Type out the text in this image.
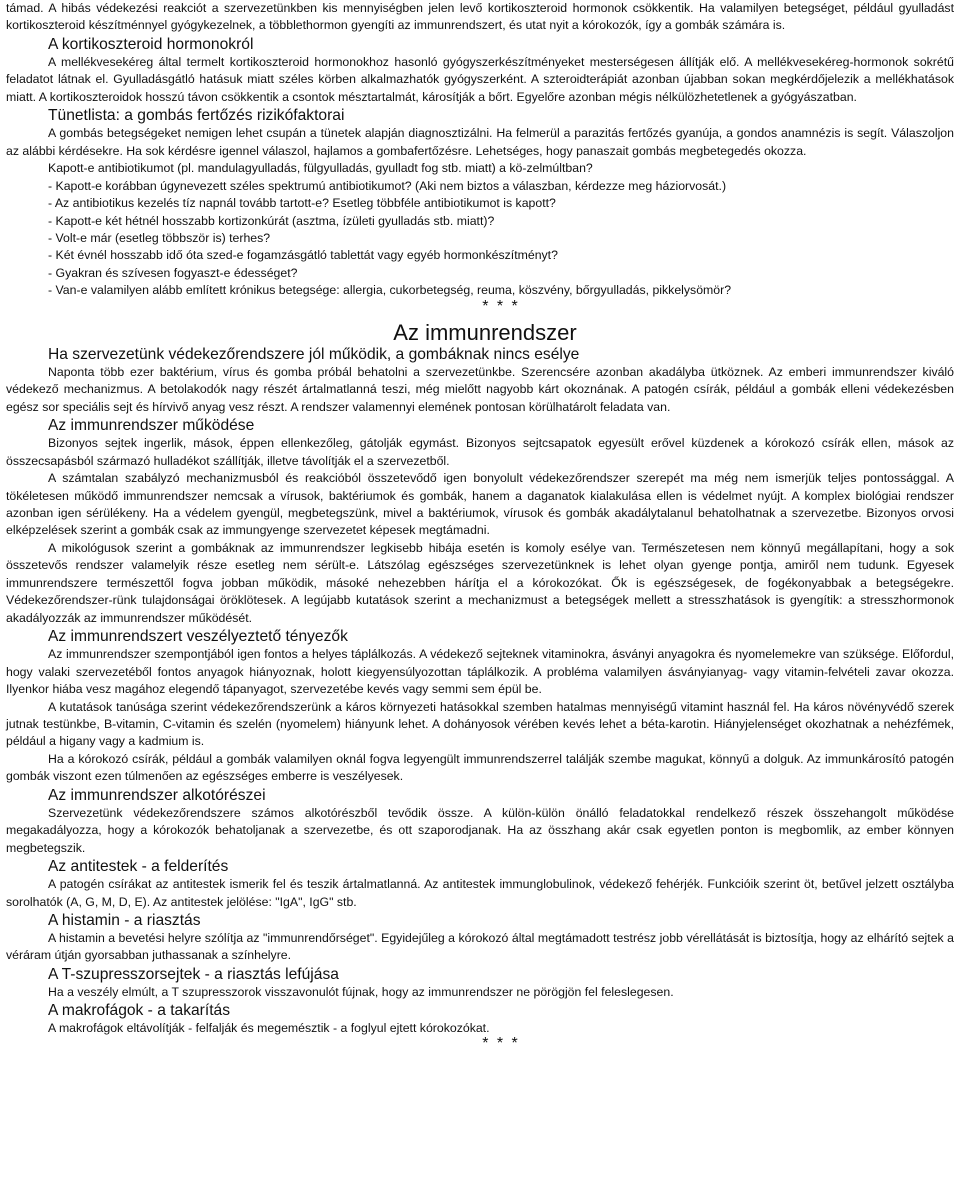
támad. A hibás védekezési reakciót a szervezetünkben kis mennyiségben jelen levő kortikoszteroid hormonok csökkentik. Ha valamilyen betegséget, például gyulladást kortikoszteroid készítménnyel gyógykezelnek, a többlethormon gyengíti az immunrendszert, és utat nyit a kórokozók, így a gombák számára is.

A kortikoszteroid hormonokról

A mellékvesekéreg által termelt kortikoszteroid hormonokhoz hasonló gyógyszerkészítményeket mesterségesen állítják elő. A mellékvesekéreg-hormonok sokrétű feladatot látnak el. Gyulladásgátló hatásuk miatt széles körben alkalmazhatók gyógyszerként. A szteroidterápiát azonban újabban sokan megkérdőjelezik a mellékhatások miatt. A kortikoszteroidok hosszú távon csökkentik a csontok mésztartalmát, károsítják a bőrt. Egyelőre azonban mégis nélkülözhetetlenek a gyógyászatban.

Tünetlista: a gombás fertőzés rizikófaktorai

A gombás betegségeket nemigen lehet csupán a tünetek alapján diagnosztizálni. Ha felmerül a parazitás fertőzés gyanúja, a gondos anamnézis is segít. Válaszoljon az alábbi kérdésekre. Ha sok kérdésre igennel válaszol, hajlamos a gombafertőzésre. Lehetséges, hogy panaszait gombás megbetegedés okozza.

Kapott-e antibiotikumot (pl. mandulagyulladás, fülgyulladás, gyulladt fog stb. miatt) a kö-zelmúltban?

- Kapott-e korábban úgynevezett széles spektrumú antibiotikumot? (Aki nem biztos a válaszban, kérdezze meg háziorvosát.)

- Az antibiotikus kezelés tíz napnál tovább tartott-e? Esetleg többféle antibiotikumot is kapott?

- Kapott-e két hétnél hosszabb kortizonkúrát (asztma, ízületi gyulladás stb. miatt)?

- Volt-e már (esetleg többször is) terhes?

- Két évnél hosszabb idő óta szed-e fogamzásgátló tablettát vagy egyéb hormonkészítményt?

- Gyakran és szívesen fogyaszt-e édességet?

- Van-e valamilyen alább említett krónikus betegsége: allergia, cukorbetegség, reuma, köszvény, bőrgyulladás, pikkelysömör?

* * *
Az immunrendszer
Ha szervezetünk védekezőrendszere jól működik, a gombáknak nincs esélye

Naponta több ezer baktérium, vírus és gomba próbál behatolni a szervezetünkbe. Szerencsére azonban akadályba ütköznek. Az emberi immunrendszer kiváló védekező mechanizmus. A betolakodók nagy részét ártalmatlanná teszi, még mielőtt nagyobb kárt okoznának. A patogén csírák, például a gombák elleni védekezésben egész sor speciális sejt és hírvivő anyag vesz részt. A rendszer valamennyi elemének pontosan körülhatárolt feladata van.

Az immunrendszer működése

Bizonyos sejtek ingerlik, mások, éppen ellenkezőleg, gátolják egymást. Bizonyos sejtcsapatok egyesült erővel küzdenek a kórokozó csírák ellen, mások az összecsapásból származó hulladékot szállítják, illetve távolítják el a szervezetből.

A számtalan szabályzó mechanizmusból és reakcióból összetevődő igen bonyolult védekezőrendszer szerepét ma még nem ismerjük teljes pontossággal. A tökéletesen működő immunrendszer nemcsak a vírusok, baktériumok és gombák, hanem a daganatok kialakulása ellen is védelmet nyújt. A komplex biológiai rendszer azonban igen sérülékeny. Ha a védelem gyengül, megbetegszünk, mivel a baktériumok, vírusok és gombák akadálytalanul behatolhatnak a szervezetbe. Bizonyos orvosi elképzelések szerint a gombák csak az immungyenge szervezetet képesek megtámadni.

A mikológusok szerint a gombáknak az immunrendszer legkisebb hibája esetén is komoly esélye van. Természetesen nem könnyű megállapítani, hogy a sok összetevős rendszer valamelyik része esetleg nem sérült-e. Látszólag egészséges szervezetünknek is lehet olyan gyenge pontja, amiről nem tudunk. Egyesek immunrendszere természettől fogva jobban működik, másoké nehezebben hárítja el a kórokozókat. Ők is egészségesek, de fogékonyabbak a betegségekre. Védekezőrendszer-rünk tulajdonságai öröklötesek. A legújabb kutatások szerint a mechanizmust a betegségek mellett a stresszhatások is gyengítik: a stresszhormonok akadályozzák az immunrendszer működését.

Az immunrendszert veszélyeztető tényezők

Az immunrendszer szempontjából igen fontos a helyes táplálkozás. A védekező sejteknek vitaminokra, ásványi anyagokra és nyomelemekre van szüksége. Előfordul, hogy valaki szervezetéből fontos anyagok hiányoznak, holott kiegyensúlyozottan táplálkozik. A probléma valamilyen ásványianyag- vagy vitamin-felvételi zavar okozza. Ilyenkor hiába vesz magához elegendő tápanyagot, szervezetébe kevés vagy semmi sem épül be.

A kutatások tanúsága szerint védekezőrendszerünk a káros környezeti hatásokkal szemben hatalmas mennyiségű vitamint használ fel. Ha káros növényvédő szerek jutnak testünkbe, B-vitamin, C-vitamin és szelén (nyomelem) hiányunk lehet. A dohányosok vérében kevés lehet a béta-karotin. Hiányjelenséget okozhatnak a nehézfémek, például a higany vagy a kadmium is.

Ha a kórokozó csírák, például a gombák valamilyen oknál fogva legyengült immunrendszerrel találják szembe magukat, könnyű a dolguk. Az immunkárosító patogén gombák viszont ezen túlmenően az egészséges emberre is veszélyesek.

Az immunrendszer alkotórészei

Szervezetünk védekezőrendszere számos alkotórészből tevődik össze. A külön-külön önálló feladatokkal rendelkező részek összehangolt működése megakadályozza, hogy a kórokozók behatoljanak a szervezetbe, és ott szaporodjanak. Ha az összhang akár csak egyetlen ponton is megbomlik, az ember könnyen megbetegszik.

Az antitestek - a felderítés

A patogén csírákat az antitestek ismerik fel és teszik ártalmatlanná. Az antitestek immunglobulinok, védekező fehérjék. Funkcióik szerint öt, betűvel jelzett osztályba sorolhatók (A, G, M, D, E). Az antitestek jelölése: "IgA", IgG" stb.

A histamin - a riasztás

A histamin a bevetési helyre szólítja az "immunrendőrséget". Egyidejűleg a kórokozó által megtámadott testrész jobb vérellátását is biztosítja, hogy az elhárító sejtek a véráram útján gyorsabban juthassanak a színhelyre.

A T-szupresszorsejtek - a riasztás lefújása

Ha a veszély elmúlt, a T szupresszorok visszavonulót fújnak, hogy az immunrendszer ne pörögjön fel feleslegesen.

A makrofágok - a takarítás

A makrofágok eltávolítják - felfalják és megemésztik - a foglyul ejtett kórokozókat.

* * *
